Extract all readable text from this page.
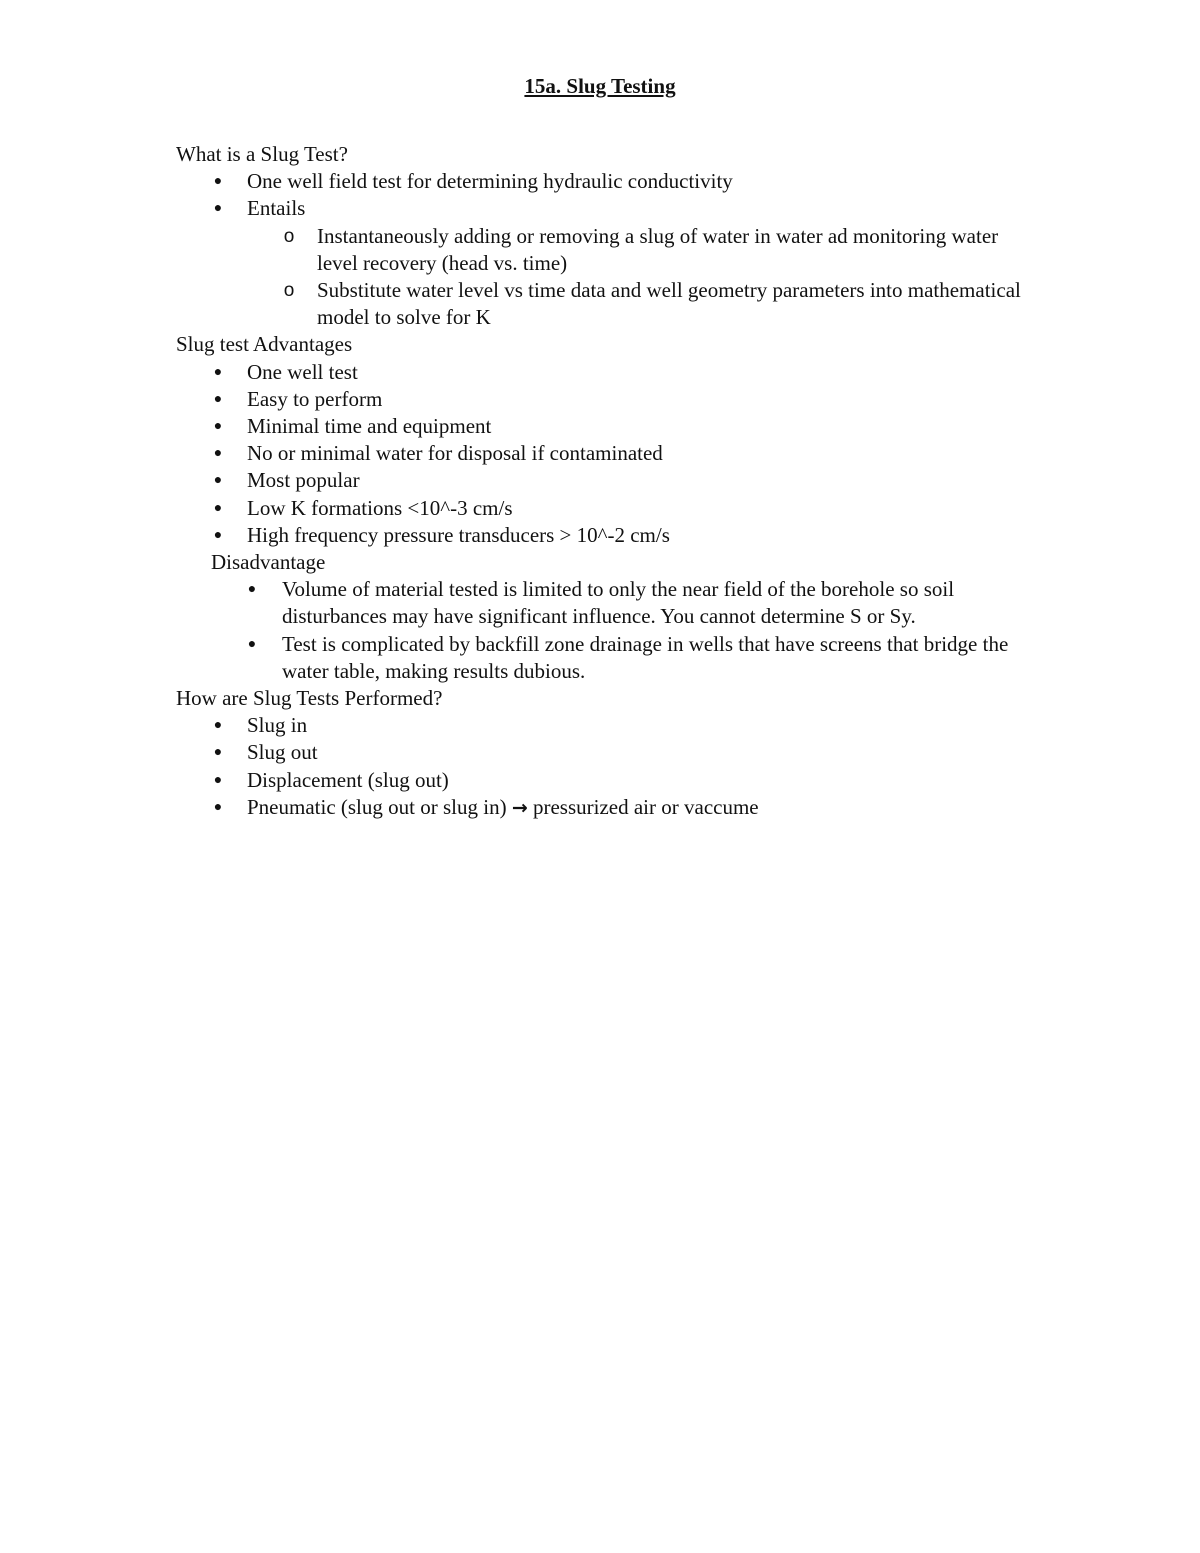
15a. Slug Testing

What is a Slug Test?

● One well field test for determining hydraulic conductivity
● Entails
o Instantaneously adding or removing a slug of water in water ad monitoring water level recovery (head vs. time)
o Substitute water level vs time data and well geometry parameters into mathematical model to solve for K

Slug test Advantages

● One well test
● Easy to perform
● Minimal time and equipment
● No or minimal water for disposal if contaminated
● Most popular
● Low K formations <10^-3 cm/s
● High frequency pressure transducers > 10^-2 cm/s

Disadvantage

● Volume of material tested is limited to only the near field of the borehole so soil disturbances may have significant influence. You cannot determine S or Sy.
● Test is complicated by backfill zone drainage in wells that have screens that bridge the water table, making results dubious.

How are Slug Tests Performed?

● Slug in
● Slug out
● Displacement (slug out)
● Pneumatic (slug out or slug in) → pressurized air or vaccume
